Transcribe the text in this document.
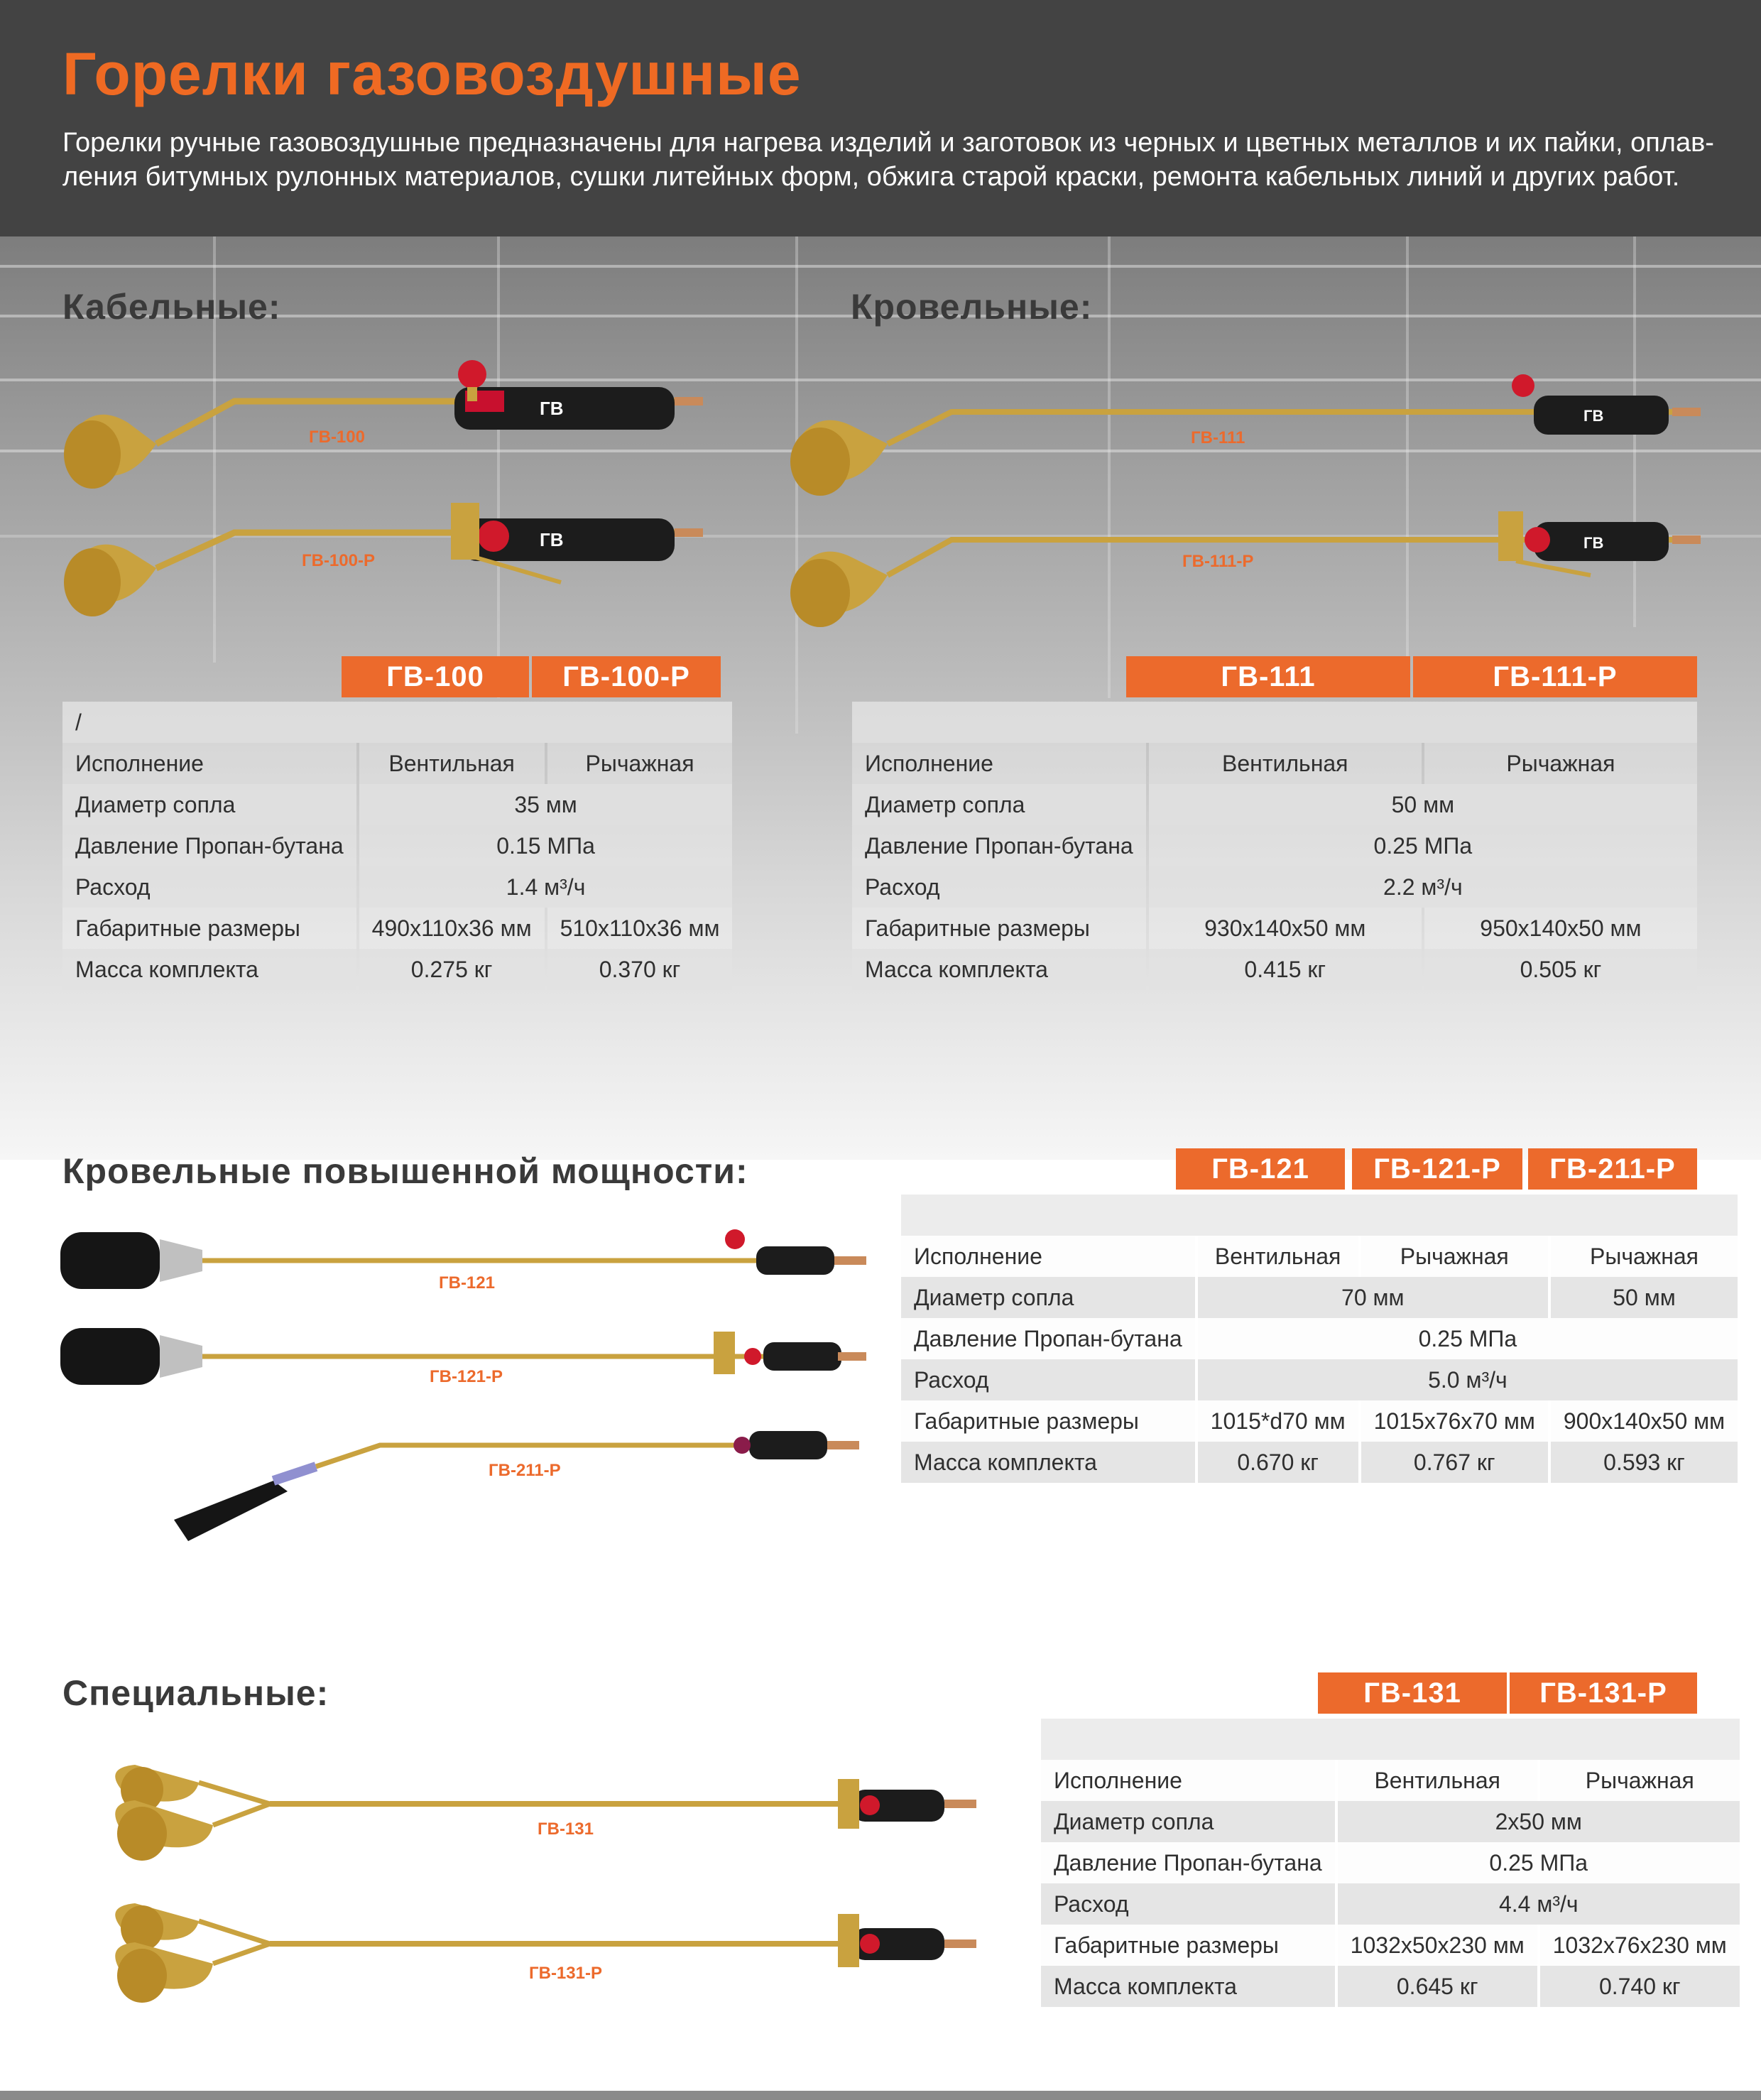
Горелки газовоздушные
Горелки ручные газовоздушные предназначены для нагрева изделий и заготовок из черных и цветных металлов и их пайки, оплав-
ления битумных рулонных материалов, сушки литейных форм, обжига старой краски, ремонта кабельных линий и других работ.
Кабельные:
ГВ
ГВ-100
ГВ
ГВ-100-Р
ГВ-100	ГВ-100-Р
/		
Исполнение	Вентильная	Рычажная
Диаметр сопла	35 мм	
Давление Пропан-бутана	0.15 МПа	
Расход	1.4 м³/ч	
Габаритные размеры	490х110х36 мм	510х110х36 мм
Масса комплекта	0.275 кг	0.370 кг
Кровельные:
ГВ
ГВ-111
ГВ
ГВ-111-Р
ГВ-111	ГВ-111-Р

Исполнение	Вентильная	Рычажная
Диаметр сопла	50 мм	
Давление Пропан-бутана	0.25 МПа	
Расход	2.2 м³/ч	
Габаритные размеры	930х140х50 мм	950х140х50 мм
Масса комплекта	0.415 кг	0.505 кг
Кровельные повышенной мощности:
ГВ-121
ГВ-121-Р
ГВ-211-Р
ГВ-121	ГВ-121-Р	ГВ-211-Р

Исполнение	Вентильная	Рычажная	Рычажная
Диаметр сопла	70 мм		50 мм
Давление Пропан-бутана	0.25 МПа		
Расход	5.0 м³/ч		
Габаритные размеры	1015*d70 мм	1015х76х70 мм	900х140х50 мм
Масса комплекта	0.670 кг	0.767 кг	0.593 кг
Специальные:
ГВ-131
ГВ-131-Р
ГВ-131	ГВ-131-Р

Исполнение	Вентильная	Рычажная
Диаметр сопла	2х50 мм	
Давление Пропан-бутана	0.25 МПа	
Расход	4.4 м³/ч	
Габаритные размеры	1032х50х230 мм	1032х76х230 мм
Масса комплекта	0.645 кг	0.740 кг
